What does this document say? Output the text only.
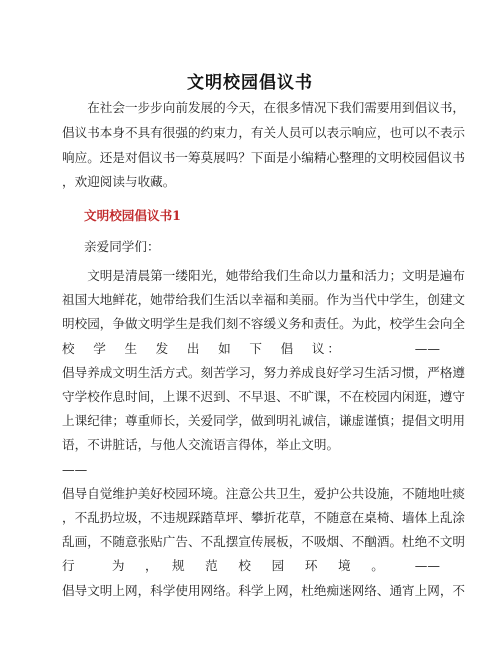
文明校园倡议书
　　在社会一步步向前发展的今天，在很多情况下我们需要用到倡议书，
倡议书本身不具有很强的约束力，有关人员可以表示响应，也可以不表示
响应。还是对倡议书一筹莫展吗？下面是小编精心整理的文明校园倡议书
，欢迎阅读与收藏。
文明校园倡议书1
亲爱同学们：
　　文明是清晨第一缕阳光，她带给我们生命以力量和活力；文明是遍布
祖国大地鲜花，她带给我们生活以幸福和美丽。作为当代中学生，创建文
明校园，争做文明学生是我们刻不容缓义务和责任。为此，校学生会向全
校　学　生　发　出　如　下　倡　议：　　　　　——
倡导养成文明生活方式。刻苦学习，努力养成良好学习生活习惯，严格遵
守学校作息时间，上课不迟到、不早退、不旷课，不在校园内闲逛，遵守
上课纪律；尊重师长，关爱同学，做到明礼诚信，谦虚谨慎；提倡文明用
语，不讲脏话，与他人交流语言得体，举止文明。
——
倡导自觉维护美好校园环境。注意公共卫生，爱护公共设施，不随地吐痰
，不乱扔垃圾，不违规踩踏草坪、攀折花草，不随意在桌椅、墙体上乱涂
乱画，不随意张贴广告、不乱摆宣传展板，不吸烟、不酗酒。杜绝不文明
行　　为　，　规　范　校　园　环　境　。　　——
倡导文明上网，科学使用网络。科学上网，杜绝痴迷网络、通宵上网，不
